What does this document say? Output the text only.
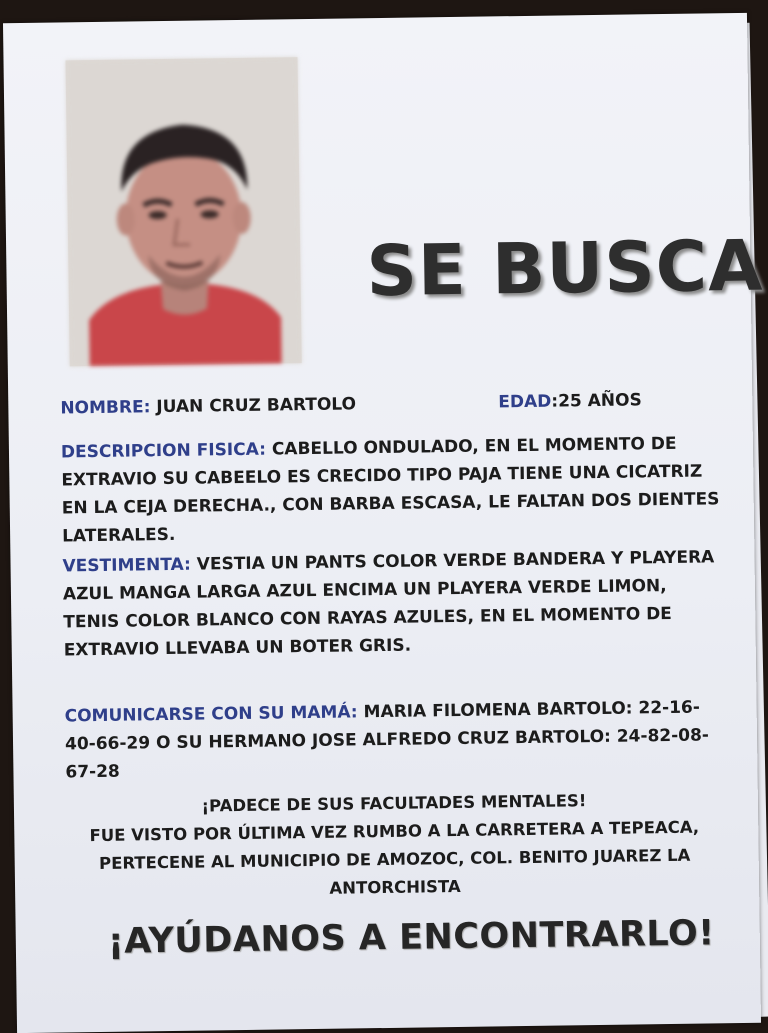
SE BUSCA
NOMBRE: JUAN CRUZ BARTOLO	EDAD:25 AÑOS
DESCRIPCION FISICA: CABELLO ONDULADO, EN EL MOMENTO DE EXTRAVIO SU CABEELO ES CRECIDO TIPO PAJA TIENE UNA CICATRIZ EN LA CEJA DERECHA., CON BARBA ESCASA, LE FALTAN DOS DIENTES LATERALES.
VESTIMENTA: VESTIA UN PANTS COLOR VERDE BANDERA Y PLAYERA AZUL MANGA LARGA AZUL ENCIMA UN PLAYERA VERDE LIMON, TENIS COLOR BLANCO CON RAYAS AZULES, EN EL MOMENTO DE EXTRAVIO LLEVABA UN BOTER GRIS.
COMUNICARSE CON SU MAMÁ: MARIA FILOMENA BARTOLO: 22-16-40-66-29 O SU HERMANO JOSE ALFREDO CRUZ BARTOLO: 24-82-08-67-28
¡PADECE DE SUS FACULTADES MENTALES!
FUE VISTO POR ÚLTIMA VEZ RUMBO A LA CARRETERA A TEPEACA,
PERTECENE AL MUNICIPIO DE AMOZOC, COL. BENITO JUAREZ LA
ANTORCHISTA
¡AYÚDANOS A ENCONTRARLO!
